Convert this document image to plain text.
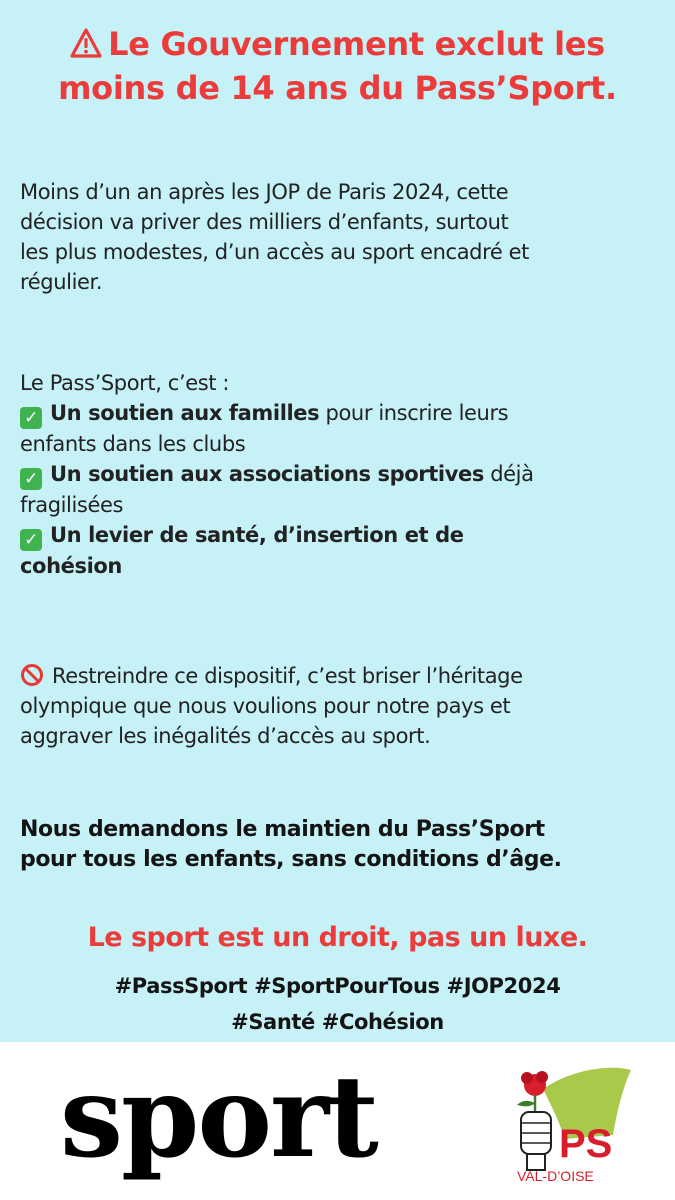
Le Gouvernement exclut les
moins de 14 ans du Pass’Sport.
Moins d’un an après les JOP de Paris 2024, cette
décision va priver des milliers d’enfants, surtout
les plus modestes, d’un accès au sport encadré et
régulier.
Le Pass’Sport, c’est :
✓ Un soutien aux familles pour inscrire leurs
enfants dans les clubs
✓ Un soutien aux associations sportives déjà
fragilisées
✓ Un levier de santé, d’insertion et de
cohésion
Restreindre ce dispositif, c’est briser l’héritage
olympique que nous voulions pour notre pays et
aggraver les inégalités d’accès au sport.
Nous demandons le maintien du Pass’Sport
pour tous les enfants, sans conditions d’âge.
Le sport est un droit, pas un luxe.
#PassSport #SportPourTous #JOP2024
#Santé #Cohésion
sport	PS
VAL-D’OISE
